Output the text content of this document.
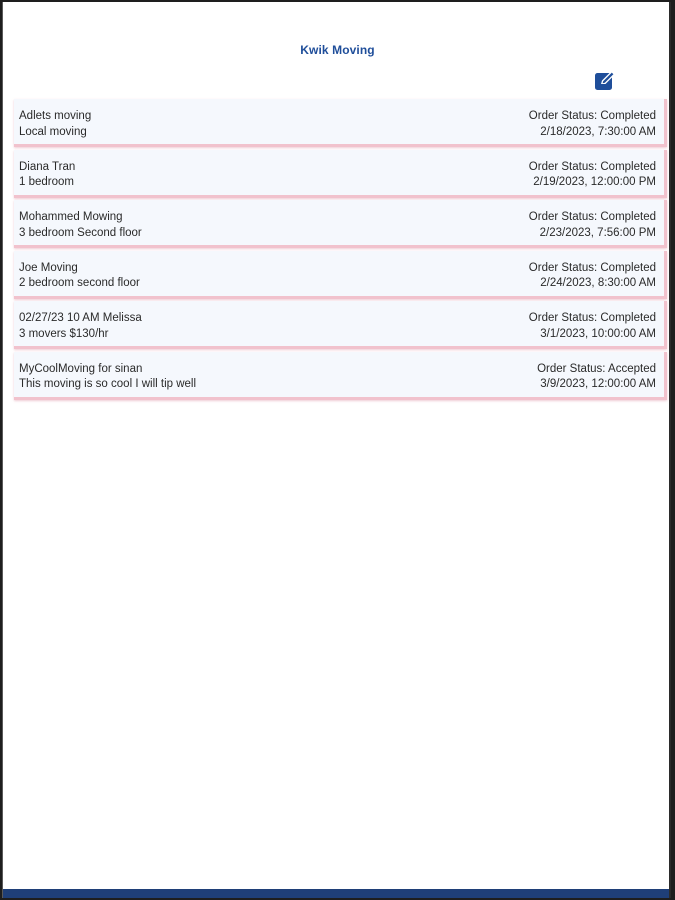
Kwik Moving
Adlets moving
Local moving
Order Status: Completed
2/18/2023, 7:30:00 AM
Diana Tran
1 bedroom
Order Status: Completed
2/19/2023, 12:00:00 PM
Mohammed Mowing
3 bedroom Second floor
Order Status: Completed
2/23/2023, 7:56:00 PM
Joe Moving
2 bedroom second floor
Order Status: Completed
2/24/2023, 8:30:00 AM
02/27/23 10 AM Melissa
3 movers $130/hr
Order Status: Completed
3/1/2023, 10:00:00 AM
MyCoolMoving for sinan
This moving is so cool I will tip well
Order Status: Accepted
3/9/2023, 12:00:00 AM
